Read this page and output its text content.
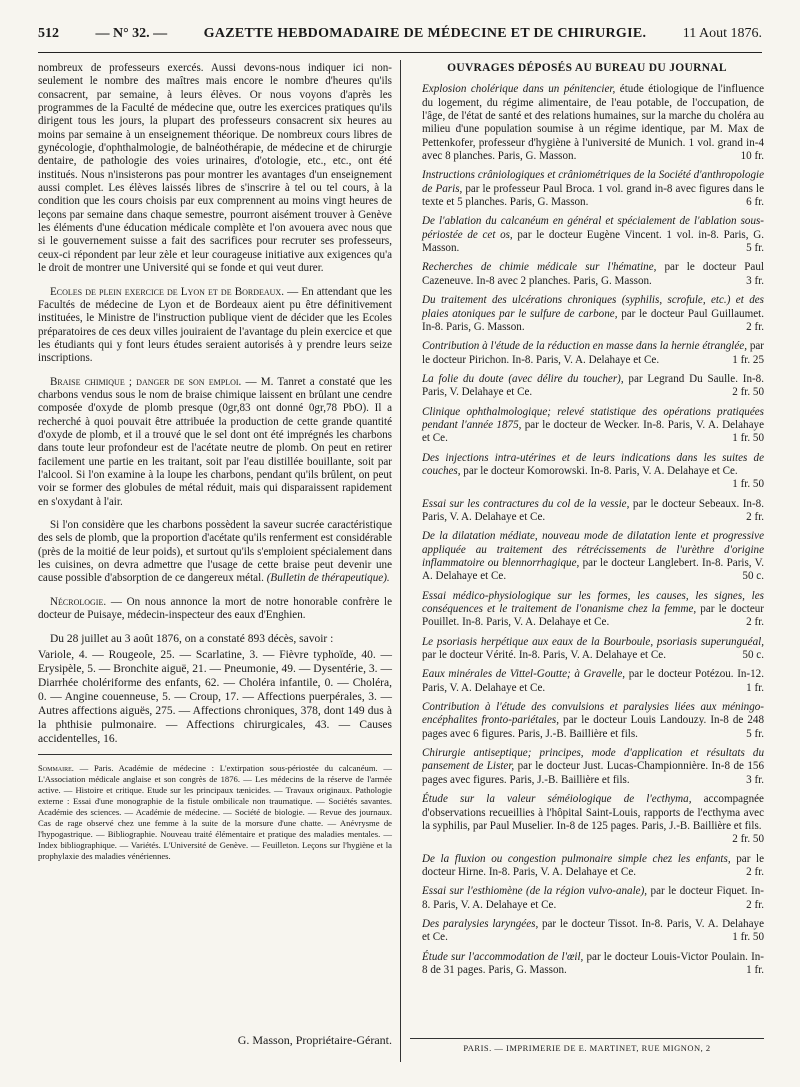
512	— N° 32. —	GAZETTE HEBDOMADAIRE DE MÉDECINE ET DE CHIRURGIE.	11 Aout 1876.

nombreux de professeurs exercés. Aussi devons-nous indiquer ici non-seulement le nombre des maîtres mais encore le nombre d'heures qu'ils consacrent, par semaine, à leurs élèves. Or nous voyons d'après les programmes de la Faculté de médecine que, outre les exercices pratiques qu'ils dirigent tous les jours, la plupart des professeurs consacrent six heures au moins par semaine à un enseignement théorique. De nombreux cours libres de gynécologie, d'ophthalmologie, de balnéothérapie, de médecine et de chirurgie dentaire, de pathologie des voies urinaires, d'otologie, etc., etc., ont été institués. Nous n'insisterons pas pour montrer les avantages d'un enseignement aussi complet. Les élèves laissés libres de s'inscrire à tel ou tel cours, à la condition que les cours choisis par eux comprennent au moins vingt heures de leçons par semaine dans chaque semestre, pourront aisément trouver à Genève les éléments d'une éducation médicale complète et l'on avouera avec nous que si le gouvernement suisse a fait des sacrifices pour recruter ses professeurs, ceux-ci répondent par leur zèle et leur courageuse initiative aux exigences qu'a le droit de montrer une Université qui se fonde et qui veut durer.

Ecoles de plein exercice de Lyon et de Bordeaux. — En attendant que les Facultés de médecine de Lyon et de Bordeaux aient pu être définitivement instituées, le Ministre de l'instruction publique vient de décider que les Ecoles préparatoires de ces deux villes jouiraient de l'avantage du plein exercice et que les étudiants qui y font leurs études seraient autorisés à y prendre leurs seize inscriptions.

Braise chimique ; danger de son emploi. — M. Tanret a constaté que les charbons vendus sous le nom de braise chimique laissent en brûlant une cendre composée d'oxyde de plomb presque (0gr,83 ont donné 0gr,78 PbO). Il a recherché à quoi pouvait être attribuée la production de cette grande quantité d'oxyde de plomb, et il a trouvé que le sel dont ont été imprégnés les charbons dans toute leur profondeur est de l'acétate neutre de plomb. On peut en retirer facilement une partie en les traitant, soit par l'eau distillée bouillante, soit par l'alcool. Si l'on examine à la loupe les charbons, pendant qu'ils brûlent, on peut voir se former des globules de métal réduit, mais qui disparaissent rapidement en s'oxydant à l'air.

Si l'on considère que les charbons possèdent la saveur sucrée caractéristique des sels de plomb, que la proportion d'acétate qu'ils renferment est considérable (près de la moitié de leur poids), et surtout qu'ils s'emploient spécialement dans les cuisines, on devra admettre que l'usage de cette braise peut devenir une cause possible d'absorption de ce dangereux métal. (Bulletin de thérapeutique).

Nécrologie. — On nous annonce la mort de notre honorable confrère le docteur de Puisaye, médecin-inspecteur des eaux d'Enghien.

Du 28 juillet au 3 août 1876, on a constaté 893 décès, savoir :

Variole, 4. — Rougeole, 25. — Scarlatine, 3. — Fièvre typhoïde, 40. — Erysipèle, 5. — Bronchite aiguë, 21. — Pneumonie, 49. — Dysentérie, 3. — Diarrhée cholériforme des enfants, 62. — Choléra infantile, 0. — Choléra, 0. — Angine couenneuse, 5. — Croup, 17. — Affections puerpérales, 3. — Autres affections aiguës, 275. — Affections chroniques, 378, dont 149 dus à la phthisie pulmonaire. — Affections chirurgicales, 43. — Causes accidentelles, 16.

Sommaire. — Paris. Académie de médecine : L'extirpation sous-périostée du calcanéum. — L'Association médicale anglaise et son congrès de 1876. — Les médecins de la réserve de l'armée active. — Histoire et critique. Etude sur les principaux tænicides. — Travaux originaux. Pathologie externe : Essai d'une monographie de la fistule ombilicale non traumatique. — Sociétés savantes. Académie des sciences. — Académie de médecine. — Société de biologie. — Revue des journaux. Cas de rage observé chez une femme à la suite de la morsure d'une chatte. — Anévrysme de l'hypogastrique. — Bibliographie. Nouveau traité élémentaire et pratique des maladies mentales. — Index bibliographique. — Variétés. L'Université de Genève. — Feuilleton. Leçons sur l'hygiène et la prophylaxie des maladies vénériennes.

G. Masson, Propriétaire-Gérant.
OUVRAGES DÉPOSÉS AU BUREAU DU JOURNAL

Explosion cholérique dans un pénitencier, étude étiologique de l'influence du logement, du régime alimentaire, de l'eau potable, de l'occupation, de l'âge, de l'état de santé et des relations humaines, sur la marche du choléra au milieu d'une population soumise à un régime identique, par M. Max de Pettenkofer, professeur d'hygiène à l'université de Munich. 1 vol. grand in-4 avec 8 planches. Paris, G. Masson.	10 fr.

Instructions crâniologiques et crâniométriques de la Société d'anthropologie de Paris, par le professeur Paul Broca. 1 vol. grand in-8 avec figures dans le texte et 5 planches. Paris, G. Masson.	6 fr.

De l'ablation du calcanéum en général et spécialement de l'ablation sous-périostée de cet os, par le docteur Eugène Vincent. 1 vol. in-8. Paris, G. Masson.	5 fr.

Recherches de chimie médicale sur l'hématine, par le docteur Paul Cazeneuve. In-8 avec 2 planches. Paris, G. Masson.	3 fr.

Du traitement des ulcérations chroniques (syphilis, scrofule, etc.) et des plaies atoniques par le sulfure de carbone, par le docteur Paul Guillaumet. In-8. Paris, G. Masson.	2 fr.

Contribution à l'étude de la réduction en masse dans la hernie étranglée, par le docteur Pirichon. In-8. Paris, V. A. Delahaye et Ce.	1 fr. 25

La folie du doute (avec délire du toucher), par Legrand Du Saulle. In-8. Paris, V. Delahaye et Ce.	2 fr. 50

Clinique ophthalmologique; relevé statistique des opérations pratiquées pendant l'année 1875, par le docteur de Wecker. In-8. Paris, V. A. Delahaye et Ce.	1 fr. 50

Des injections intra-utérines et de leurs indications dans les suites de couches, par le docteur Komorowski. In-8. Paris, V. A. Delahaye et Ce.
1 fr. 50

Essai sur les contractures du col de la vessie, par le docteur Sebeaux. In-8. Paris, V. A. Delahaye et Ce.	2 fr.

De la dilatation médiate, nouveau mode de dilatation lente et progressive appliquée au traitement des rétrécissements de l'urèthre d'origine inflammatoire ou blennorrhagique, par le docteur Langlebert. In-8. Paris, V. A. Delahaye et Ce.	50 c.

Essai médico-physiologique sur les formes, les causes, les signes, les conséquences et le traitement de l'onanisme chez la femme, par le docteur Pouillet. In-8. Paris, V. A. Delahaye et Ce.	2 fr.

Le psoriasis herpétique aux eaux de la Bourboule, psoriasis superunguéal, par le docteur Vérité. In-8. Paris, V. A. Delahaye et Ce.	50 c.

Eaux minérales de Vittel-Goutte; à Gravelle, par le docteur Potézou. In-12. Paris, V. A. Delahaye et Ce.	1 fr.

Contribution à l'étude des convulsions et paralysies liées aux méningo-encéphalites fronto-pariétales, par le docteur Louis Landouzy. In-8 de 248 pages avec 6 figures. Paris, J.-B. Baillière et fils.	5 fr.

Chirurgie antiseptique; principes, mode d'application et résultats du pansement de Lister, par le docteur Just. Lucas-Championnière. In-8 de 156 pages avec figures. Paris, J.-B. Baillière et fils.	3 fr.

Étude sur la valeur séméiologique de l'ecthyma, accompagnée d'observations recueillies à l'hôpital Saint-Louis, rapports de l'ecthyma avec la syphilis, par Paul Muselier. In-8 de 125 pages. Paris, J.-B. Baillière et fils.
2 fr. 50

De la fluxion ou congestion pulmonaire simple chez les enfants, par le docteur Hirne. In-8. Paris, V. A. Delahaye et Ce.	2 fr.

Essai sur l'esthiomène (de la région vulvo-anale), par le docteur Fiquet. In-8. Paris, V. A. Delahaye et Ce.	2 fr.

Des paralysies laryngées, par le docteur Tissot. In-8. Paris, V. A. Delahaye et Ce.	1 fr. 50

Étude sur l'accommodation de l'œil, par le docteur Louis-Victor Poulain. In-8 de 31 pages. Paris, G. Masson.	1 fr.

PARIS. — IMPRIMERIE DE E. MARTINET, RUE MIGNON, 2
